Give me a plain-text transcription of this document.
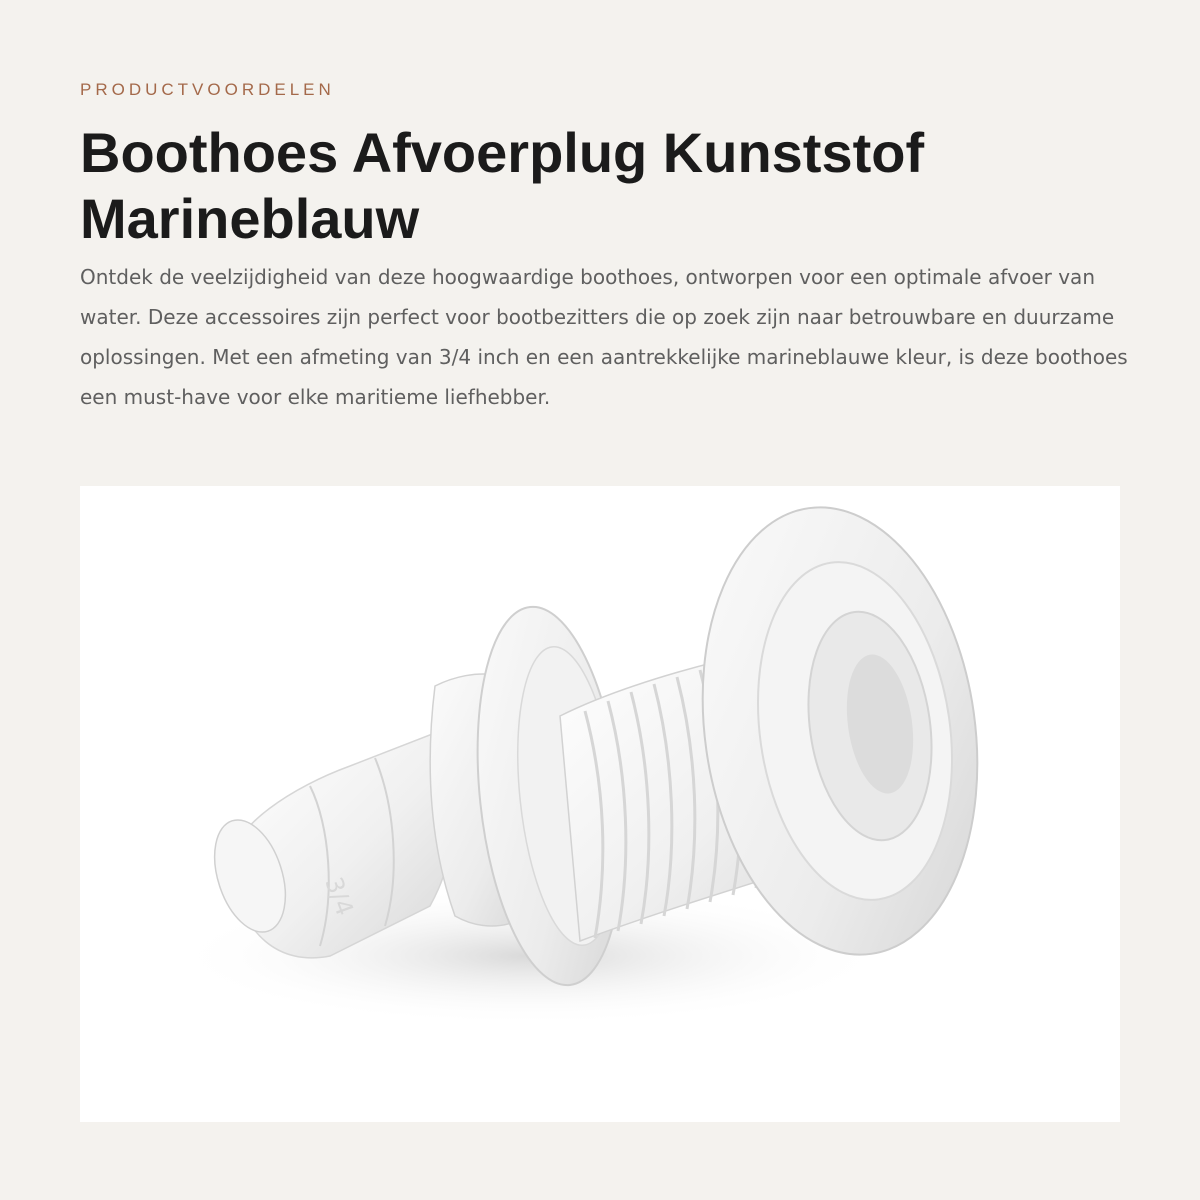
PRODUCTVOORDELEN
Boothoes Afvoerplug Kunststof Marineblauw

Ontdek de veelzijdigheid van deze hoogwaardige boothoes, ontworpen voor een optimale afvoer van water. Deze accessoires zijn perfect voor bootbezitters die op zoek zijn naar betrouwbare en duurzame oplossingen. Met een afmeting van 3/4 inch en een aantrekkelijke marineblauwe kleur, is deze boothoes een must-have voor elke maritieme liefhebber.

3/4
